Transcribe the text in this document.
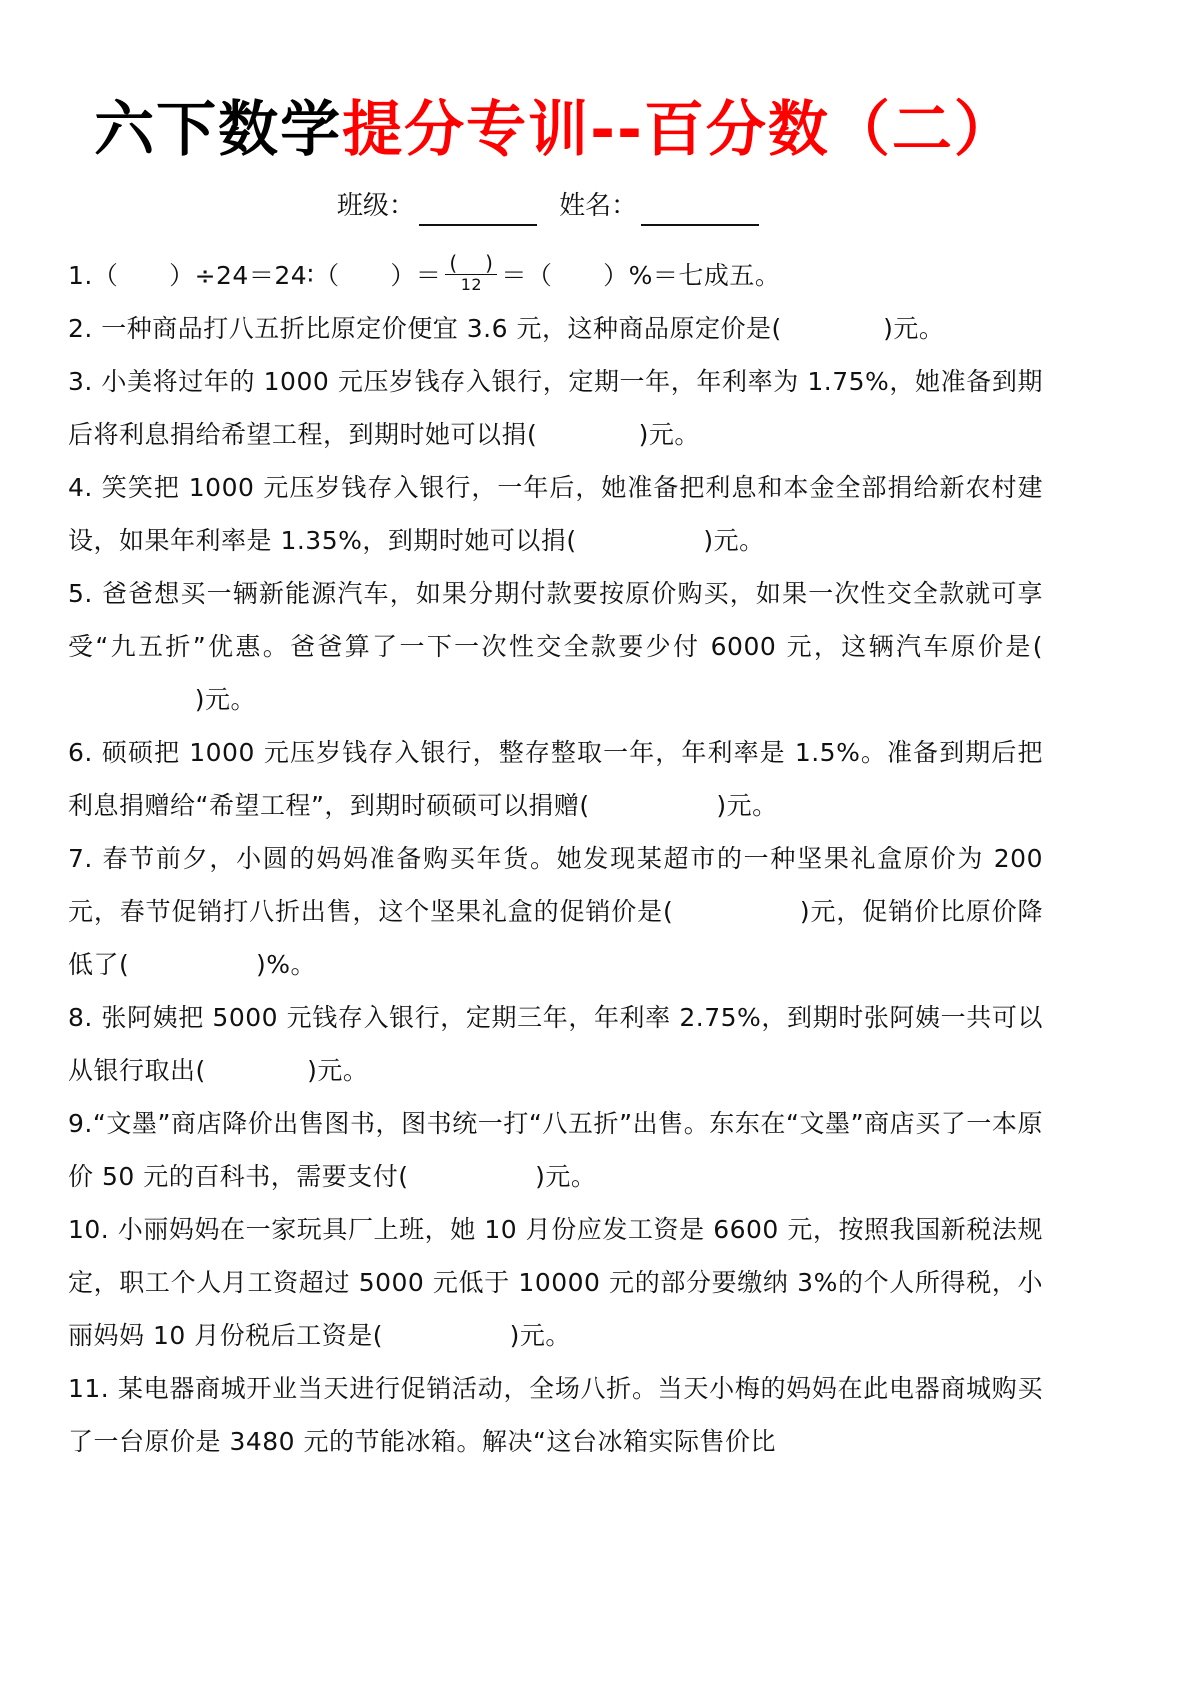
六下数学提分专训--百分数（二）
班级：	姓名：

1.（ ）÷24＝24∶（ ）＝ $\frac{( )}{12}$ ＝（ ）%＝七成五。

2. 一种商品打八五折比原定价便宜 3.6 元，这种商品原定价是(	)元。

3. 小美将过年的 1000 元压岁钱存入银行，定期一年，年利率为 1.75%，她准备到期后将利息捐给希望工程，到期时她可以捐(	)元。

4. 笑笑把 1000 元压岁钱存入银行，一年后，她准备把利息和本金全部捐给新农村建设，如果年利率是 1.35%，到期时她可以捐(	)元。

5. 爸爸想买一辆新能源汽车，如果分期付款要按原价购买，如果一次性交全款就可享受“九五折”优惠。爸爸算了一下一次性交全款要少付 6000 元，这辆汽车原价是(               )元。

6. 硕硕把 1000 元压岁钱存入银行，整存整取一年，年利率是 1.5%。准备到期后把利息捐赠给“希望工程”，到期时硕硕可以捐赠(	)元。

7. 春节前夕，小圆的妈妈准备购买年货。她发现某超市的一种坚果礼盒原价为 200 元，春节促销打八折出售，这个坚果礼盒的促销价是(	)元，促销价比原价降低了(	)%。

8. 张阿姨把 5000 元钱存入银行，定期三年，年利率 2.75%，到期时张阿姨一共可以从银行取出(	)元。

9.“文墨”商店降价出售图书，图书统一打“八五折”出售。东东在“文墨”商店买了一本原价 50 元的百科书，需要支付(	)元。

10. 小丽妈妈在一家玩具厂上班，她 10 月份应发工资是 6600 元，按照我国新税法规定，职工个人月工资超过 5000 元低于 10000 元的部分要缴纳 3%的个人所得税，小丽妈妈 10 月份税后工资是(	)元。

11. 某电器商城开业当天进行促销活动，全场八折。当天小梅的妈妈在此电器商城购买了一台原价是 3480 元的节能冰箱。解决“这台冰箱实际售价比
